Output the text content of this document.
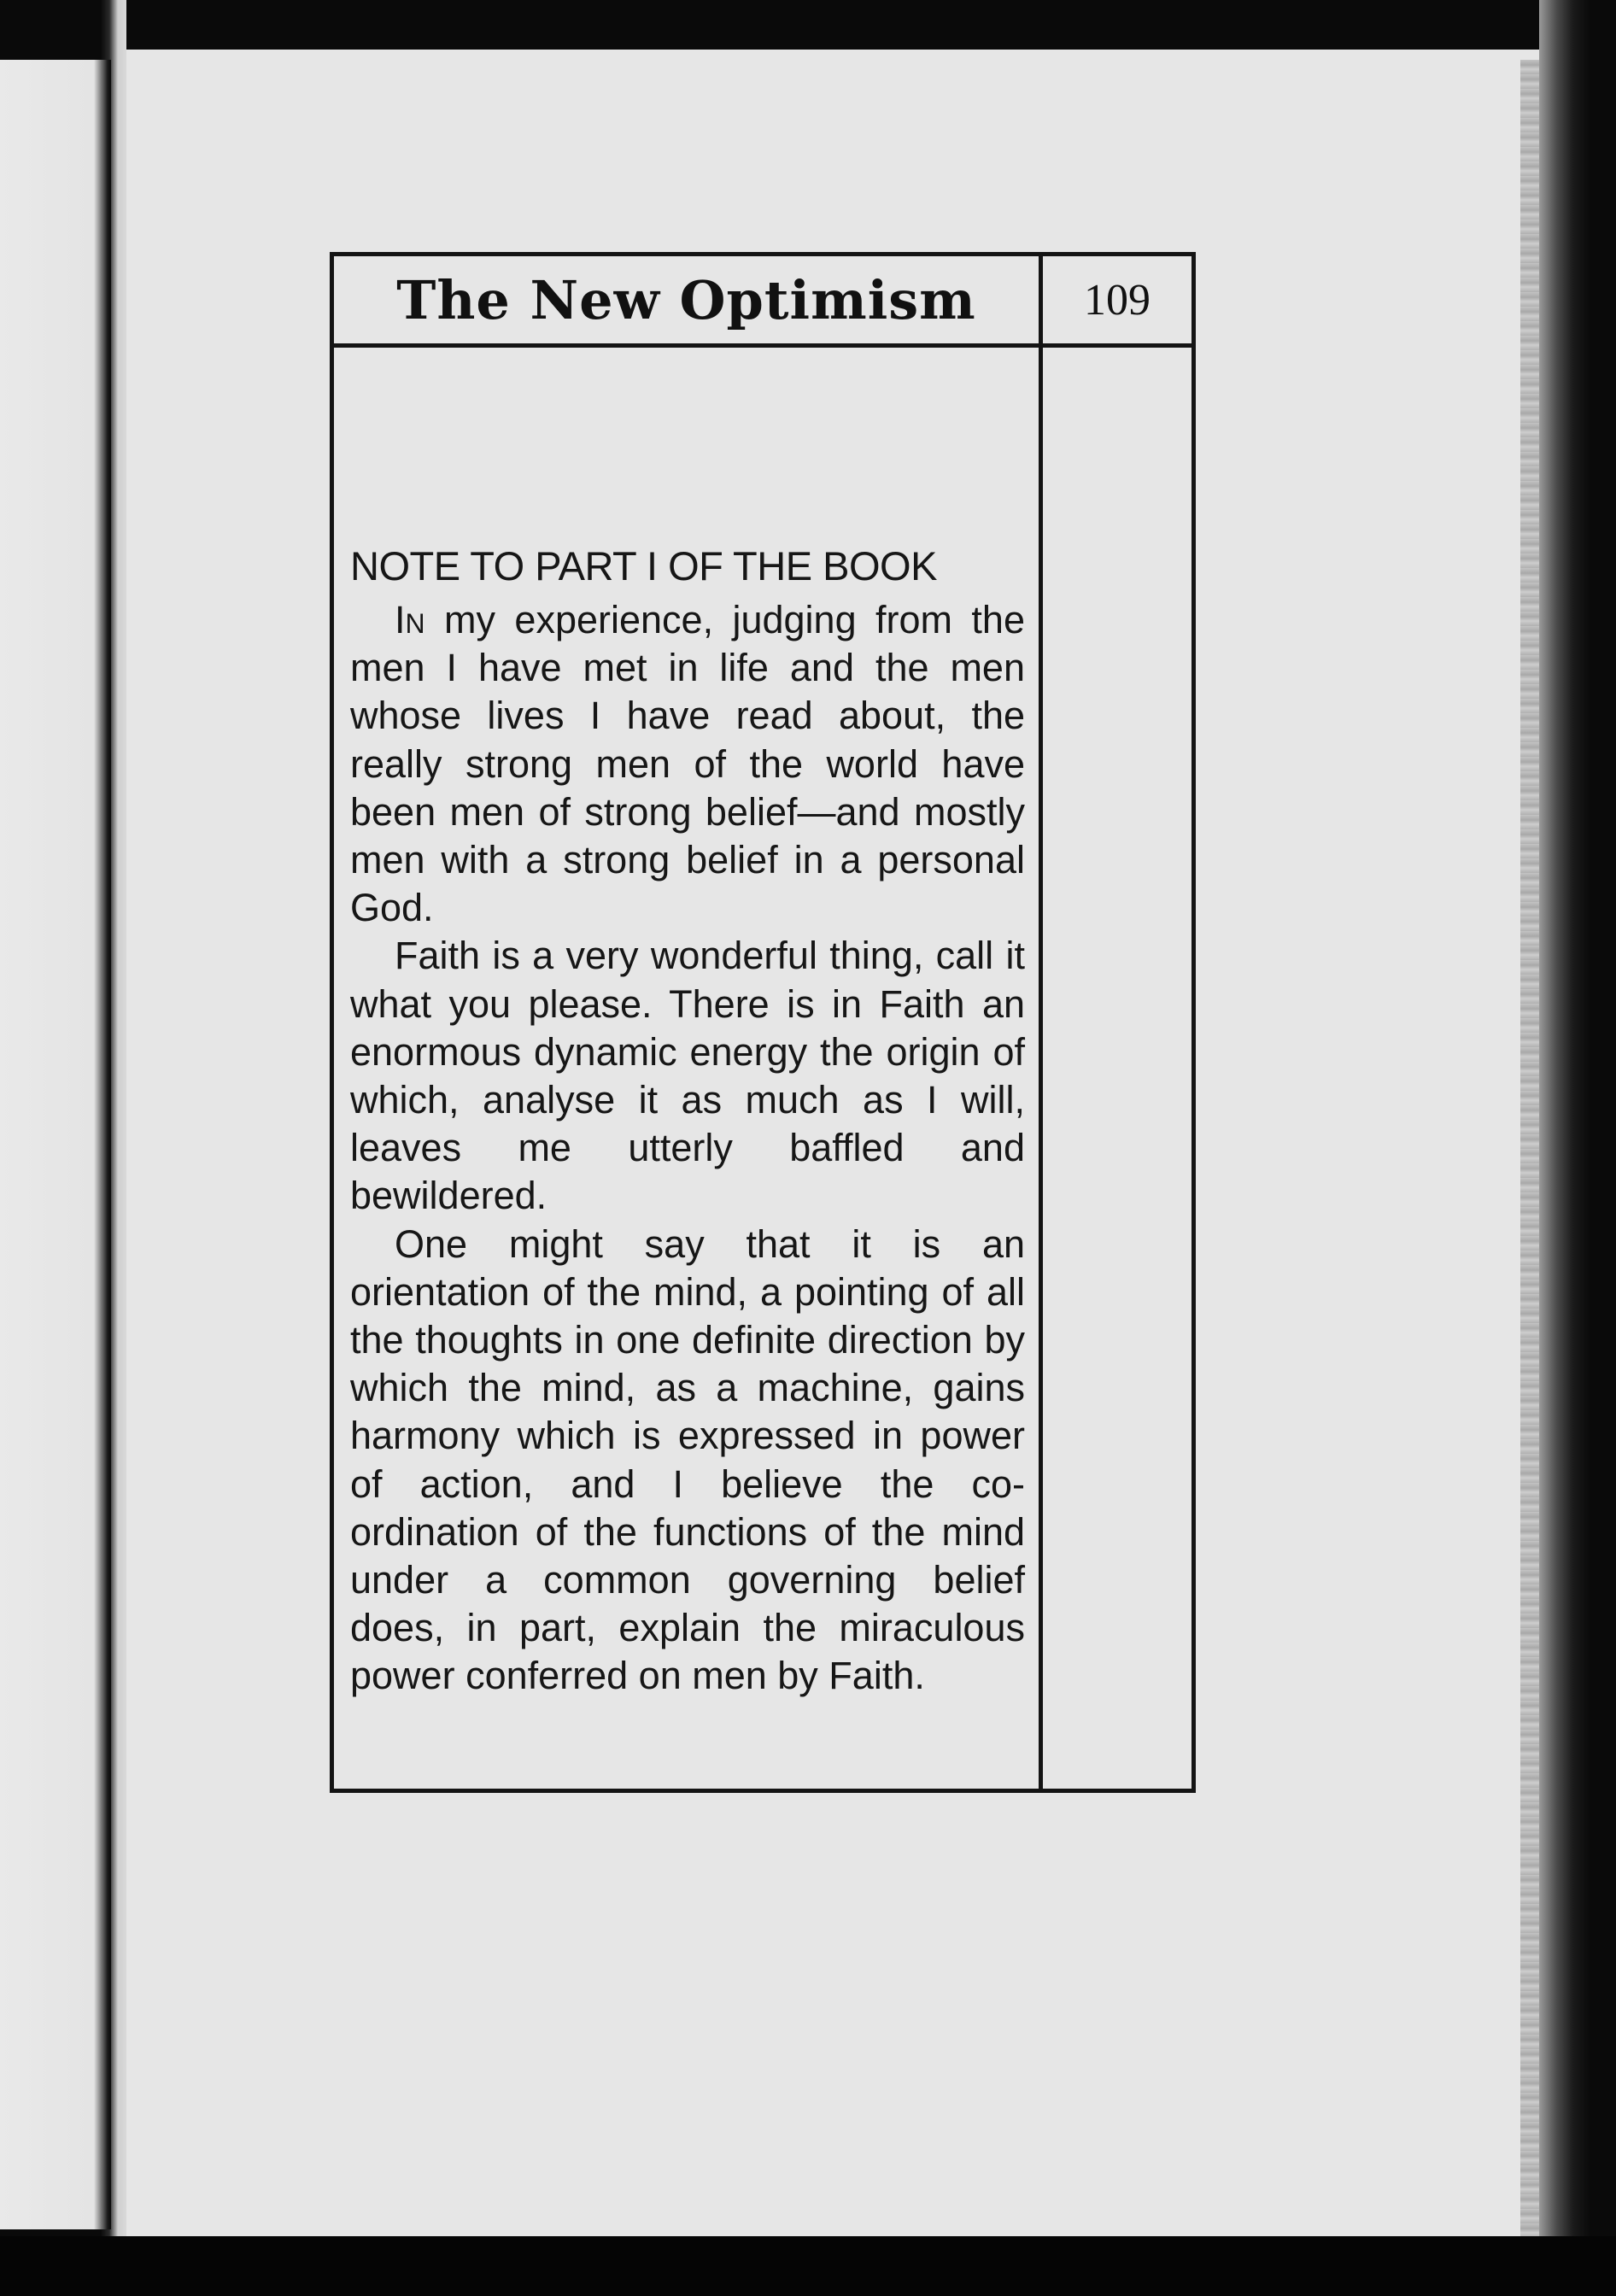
The New Optimism	109
NOTE TO PART I OF THE BOOK

In my experience, judging from the men I have met in life and the men whose lives I have read about, the really strong men of the world have been men of strong belief—and mostly men with a strong belief in a personal God.

Faith is a very wonderful thing, call it what you please. There is in Faith an enormous dynamic energy the origin of which, analyse it as much as I will, leaves me utterly baffled and bewildered.

One might say that it is an orientation of the mind, a pointing of all the thoughts in one definite direction by which the mind, as a machine, gains harmony which is expressed in power of action, and I believe the co-ordination of the functions of the mind under a common governing belief does, in part, explain the miraculous power conferred on men by Faith.
